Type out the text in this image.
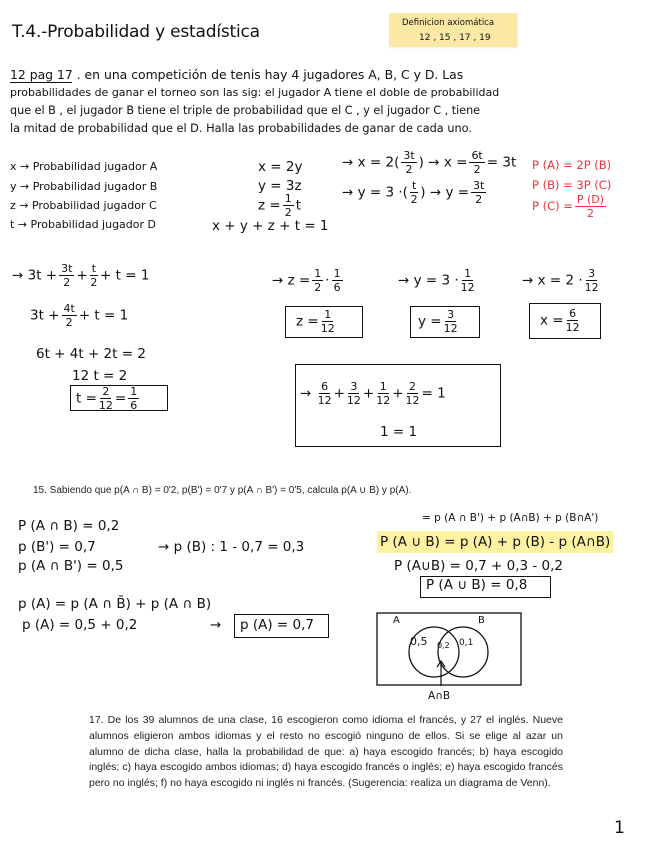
T.4.-Probabilidad y estadística	Definicion axiomática
12 , 15 , 17 , 19
12 pag 17 . en una competición de tenis hay 4 jugadores A, B, C y D. Las
probabilidades de ganar el torneo son las sig: el jugador A tiene el doble de probabilidad
que el B , el jugador B tiene el triple de probabilidad que el C , y el jugador C , tiene
la mitad de probabilidad que el D. Halla las probabilidades de ganar de cada uno.
x → Probabilidad jugador A
y → Probabilidad jugador B
z → Probabilidad jugador C
t → Probabilidad jugador D
x = 2y
y = 3z
$z = \frac{1}{2}$ t
x + y + z + t = 1
→ $x = 2( \frac{3t}{2}$ ) → $x = \frac{6t}{2} = 3t$
→ y = 3 ·( $\frac{t}{2}$ ) → $y = \frac{3t}{2}$
P (A) = 2P (B)
P (B) = 3P (C)
P $(C) = \frac{P (D)}{2}$
→ $3t + \frac{3t}{2} + \frac{t}{2} + t = 1$
$3t + \frac{4t}{2} + t = 1$
6t + 4t + 2t = 2
12 t = 2
$t = \frac{2}{12} = \frac{1}{6}$
→ $z = \frac{1}{2} \cdot \frac{1}{6}$	→ $y = 3 \cdot \frac{1}{12}$	→ $x = 2 \cdot \frac{3}{12}$
$z = \frac{1}{12}$	$y = \frac{3}{12}$	$x = \frac{6}{12}$
→ $\frac{6}{12} + \frac{3}{12} + \frac{1}{12} + \frac{2}{12} = 1$
1 = 1
15. Sabiendo que p(A ∩ B) = 0'2, p(B') = 0'7 y p(A ∩ B') = 0'5, calcula p(A ∪ B) y p(A).
P (A ∩ B) = 0,2
p (B') = 0,7	→ p (B) : 1 - 0,7 = 0,3
p (A ∩ B') = 0,5
p (A) = p (A ∩ B̄) + p (A ∩ B)
p (A) = 0,5 + 0,2	→ p (A) = 0,7
= p (A ∩ B') + p (A∩B) + p (B∩A')
P (A ∪ B) = p (A) + p (B) - p (A∩B)
P (A∪B) = 0,7 + 0,3 - 0,2
P (A ∪ B) = 0,8
A	B
0,5 0,2 0,1
A∩B
17. De los 39 alumnos de una clase, 16 escogieron como idioma el francés, y 27 el inglés. Nueve alumnos eligieron ambos idiomas y el resto no escogió ninguno de ellos. Si se elige al azar un alumno de dicha clase, halla la probabilidad de que: a) haya escogido francés; b) haya escogido inglés; c) haya escogido ambos idiomas; d) haya escogido francés o inglés; e) haya escogido francés pero no inglés; f) no haya escogido ni inglés ni francés. (Sugerencia: realiza un diagrama de Venn).
1
